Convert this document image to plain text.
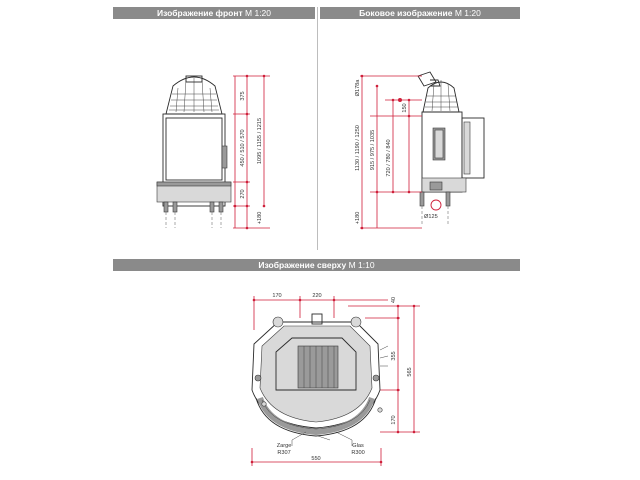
Изображение фронт М 1:20	Боковое изображение М 1:20
Изображение сверху М 1:10
375
450 / 510 / 570
270
1095 / 1155 / 1215
+180	Ø125
Ø178a
150
1130 / 1190 / 1250 915 / 975 / 1035 720 / 780 / 840
+180
170	220
40
355
565
170
550
Zarge
R307
Glas
R300
